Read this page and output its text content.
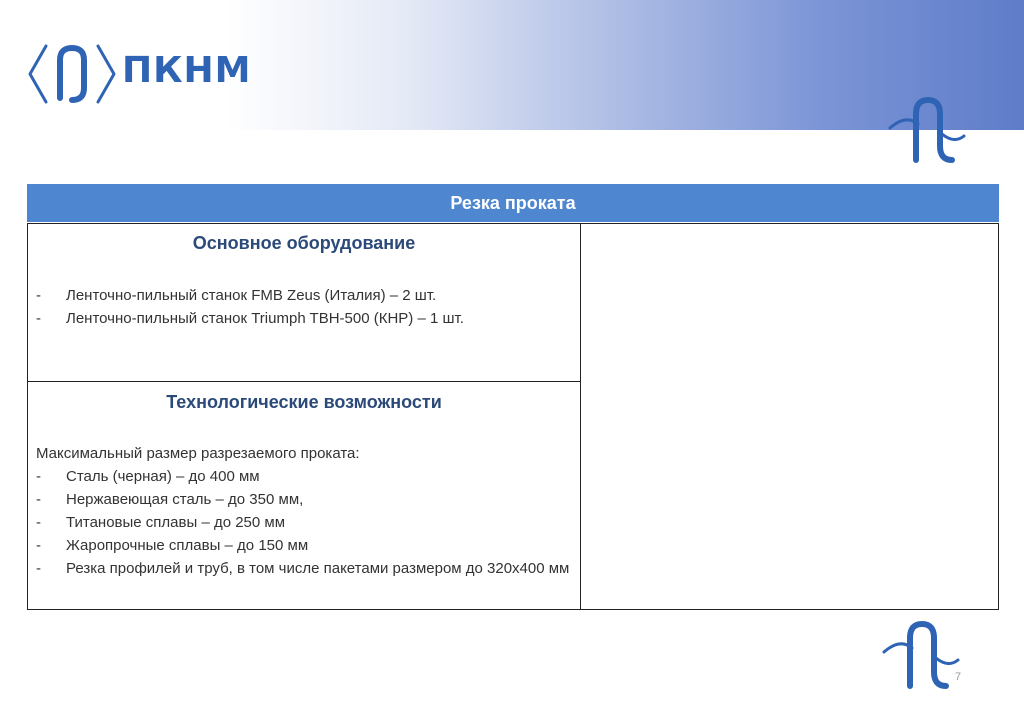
ПКНМ
Резка проката
Основное оборудование
- Ленточно-пильный станок FMB Zeus (Италия) – 2 шт.
- Ленточно-пильный станок Triumph TBH-500 (КНР) – 1 шт.
Технологические возможности
Максимальный размер разрезаемого проката:
- Сталь (черная) – до 400 мм
- Нержавеющая сталь – до 350 мм,
- Титановые сплавы – до 250 мм
- Жаропрочные сплавы – до 150 мм
- Резка профилей и труб, в том числе пакетами размером до 320х400 мм
7
